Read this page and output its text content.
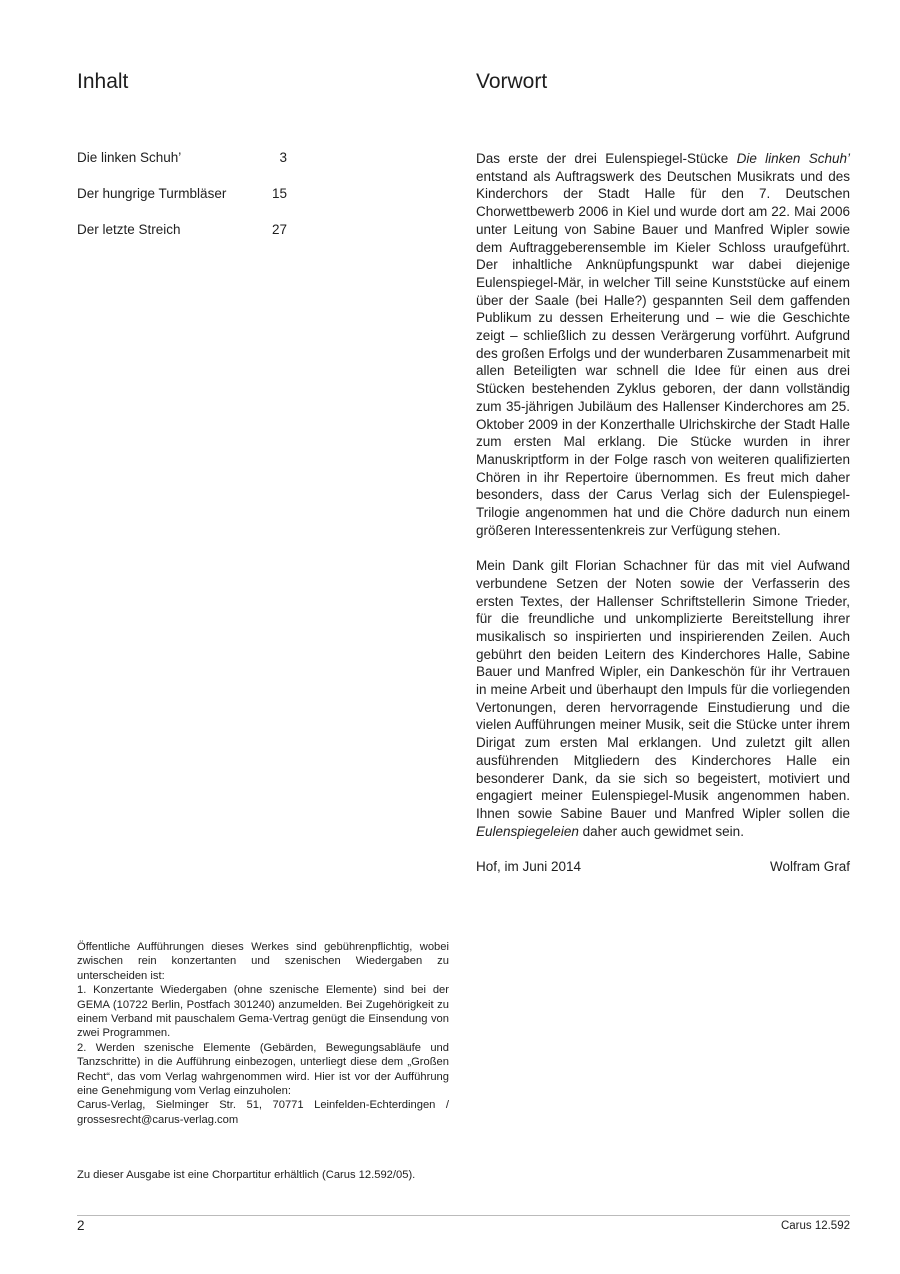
Inhalt	Vorwort
Die linken Schuh’	3
Der hungrige Turmbläser	15
Der letzte Streich	27

Das erste der drei Eulenspiegel-Stücke Die linken Schuh’ entstand als Auftragswerk des Deutschen Musikrats und des Kinderchors der Stadt Halle für den 7. Deutschen Chorwettbewerb 2006 in Kiel und wurde dort am 22. Mai 2006 unter Leitung von Sabine Bauer und Manfred Wipler sowie dem Auftraggeberensemble im Kieler Schloss uraufgeführt. Der inhaltliche Anknüpfungspunkt war dabei diejenige Eulenspiegel-Mär, in welcher Till seine Kunststücke auf einem über der Saale (bei Halle?) gespannten Seil dem gaffenden Publikum zu dessen Erheiterung und – wie die Geschichte zeigt – schließlich zu dessen Verärgerung vorführt. Aufgrund des großen Erfolgs und der wunderbaren Zusammenarbeit mit allen Beteiligten war schnell die Idee für einen aus drei Stücken bestehenden Zyklus geboren, der dann vollständig zum 35-jährigen Jubiläum des Hallenser Kinderchores am 25. Oktober 2009 in der Konzerthalle Ulrichskirche der Stadt Halle zum ersten Mal erklang. Die Stücke wurden in ihrer Manuskriptform in der Folge rasch von weiteren qualifizierten Chören in ihr Repertoire übernommen. Es freut mich daher besonders, dass der Carus Verlag sich der Eulenspiegel-Trilogie angenommen hat und die Chöre dadurch nun einem größeren Interessentenkreis zur Verfügung stehen.

Mein Dank gilt Florian Schachner für das mit viel Aufwand verbundene Setzen der Noten sowie der Verfasserin des ersten Textes, der Hallenser Schriftstellerin Simone Trieder, für die freundliche und unkomplizierte Bereitstellung ihrer musikalisch so inspirierten und inspirierenden Zeilen. Auch gebührt den beiden Leitern des Kinderchores Halle, Sabine Bauer und Manfred Wipler, ein Dankeschön für ihr Vertrauen in meine Arbeit und überhaupt den Impuls für die vorliegenden Vertonungen, deren hervorragende Einstudierung und die vielen Aufführungen meiner Musik, seit die Stücke unter ihrem Dirigat zum ersten Mal erklangen. Und zuletzt gilt allen ausführenden Mitgliedern des Kinderchores Halle ein besonderer Dank, da sie sich so begeistert, motiviert und engagiert meiner Eulenspiegel-Musik angenommen haben. Ihnen sowie Sabine Bauer und Manfred Wipler sollen die Eulenspiegeleien daher auch gewidmet sein.

Hof, im Juni 2014	Wolfram Graf
Öffentliche Aufführungen dieses Werkes sind gebührenpflichtig, wobei zwischen rein konzertanten und szenischen Wiedergaben zu unterscheiden ist:
1. Konzertante Wiedergaben (ohne szenische Elemente) sind bei der GEMA (10722 Berlin, Postfach 301240) anzumelden. Bei Zugehörigkeit zu einem Verband mit pauschalem Gema-Vertrag genügt die Einsendung von zwei Programmen.
2. Werden szenische Elemente (Gebärden, Bewegungsabläufe und Tanzschritte) in die Aufführung einbezogen, unterliegt diese dem „Großen Recht“, das vom Verlag wahrgenommen wird. Hier ist vor der Aufführung eine Genehmigung vom Verlag einzuholen:
Carus-Verlag, Sielminger Str. 51, 70771 Leinfelden-Echterdingen / grossesrecht@carus-verlag.com
Zu dieser Ausgabe ist eine Chorpartitur erhältlich (Carus 12.592/05).
2	Carus 12.592
